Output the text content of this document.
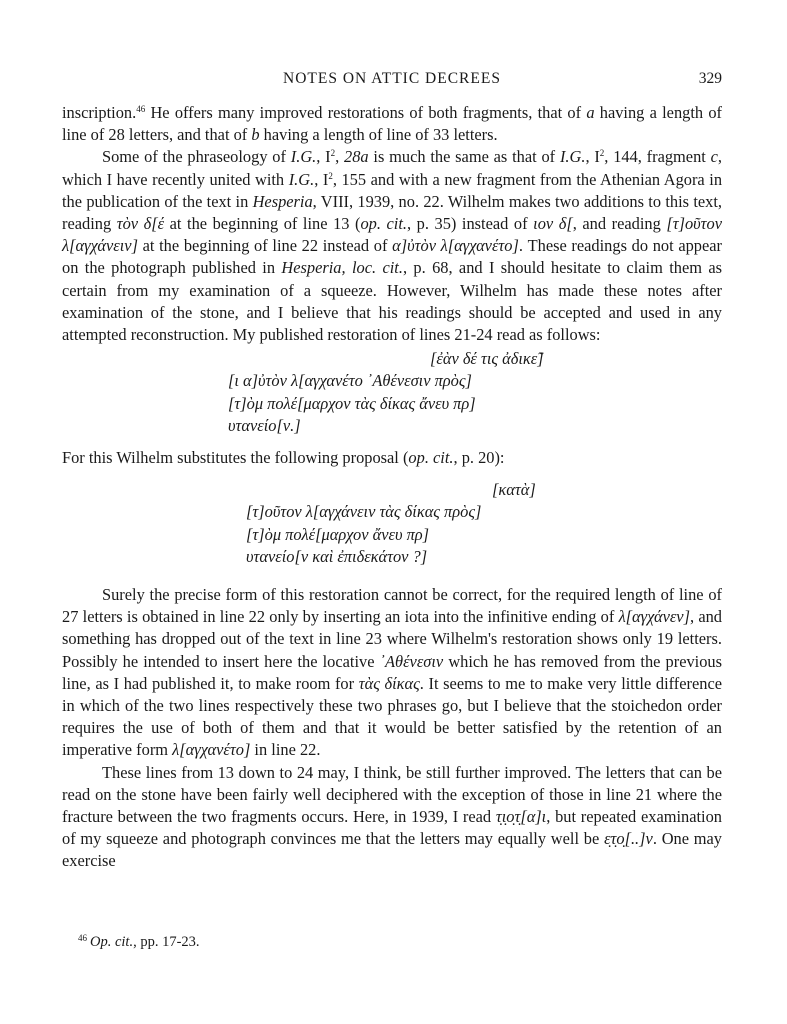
NOTES ON ATTIC DECREES	329

inscription.$^{46}$ He offers many improved restorations of both fragments, that of a having a length of line of 28 letters, and that of b having a length of line of 33 letters.

Some of the phraseology of I.G., $I^2$, 28a is much the same as that of I.G., $I^2$, 144, fragment c, which I have recently united with I.G., $I^2$, 155 and with a new fragment from the Athenian Agora in the publication of the text in Hesperia, VIII, 1939, no. 22. Wilhelm makes two additions to this text, reading τὸν δ[έ at the beginning of line 13 (op. cit., p. 35) instead of ιον δ[, and reading [τ]οῦτον λ[αγχάνειν] at the beginning of line 22 instead of α]ὐτὸν λ[αγχανέτο]. These readings do not appear on the photograph published in Hesperia, loc. cit., p. 68, and I should hesitate to claim them as certain from my examination of a squeeze. However, Wilhelm has made these notes after examination of the stone, and I believe that his readings should be accepted and used in any attempted reconstruction. My published restoration of lines 21-24 read as follows:

[ἐὰν δέ τις ἀδικε̃]
[ι α]ὐτὸν λ[αγχανέτο ᾿Αθένεσιν πρὸς]
[τ]ὸμ πολέ[μαρχον τὰς δίκας ἄνευ πρ]
υτανείο[ν.]

For this Wilhelm substitutes the following proposal (op. cit., p. 20):

[κατὰ]
[τ]οῦτον λ[αγχάνειν τὰς δίκας πρὸς]
[τ]ὸμ πολέ[μαρχον ἄνευ πρ]
υτανείο[ν καὶ ἐπιδεκάτον ?]

Surely the precise form of this restoration cannot be correct, for the required length of line of 27 letters is obtained in line 22 only by inserting an iota into the infinitive ending of λ[αγχάνεν], and something has dropped out of the text in line 23 where Wilhelm's restoration shows only 19 letters. Possibly he intended to insert here the locative ᾿Αθένεσιν which he has removed from the previous line, as I had published it, to make room for τὰς δίκας. It seems to me to make very little difference in which of the two lines respectively these two phrases go, but I believe that the stoichedon order requires the use of both of them and that it would be better satisfied by the retention of an imperative form λ[αγχανέτο] in line 22.

These lines from 13 down to 24 may, I think, be still further improved. The letters that can be read on the stone have been fairly well deciphered with the exception of those in line 21 where the fracture between the two fragments occurs. Here, in 1939, I read τ̣ι̣ο̣τ̣[α]ι, but repeated examination of my squeeze and photograph convinces me that the letters may equally well be ε̣τ̣ο̣[..]ν. One may exercise

$^{46}$ Op. cit., pp. 17-23.
